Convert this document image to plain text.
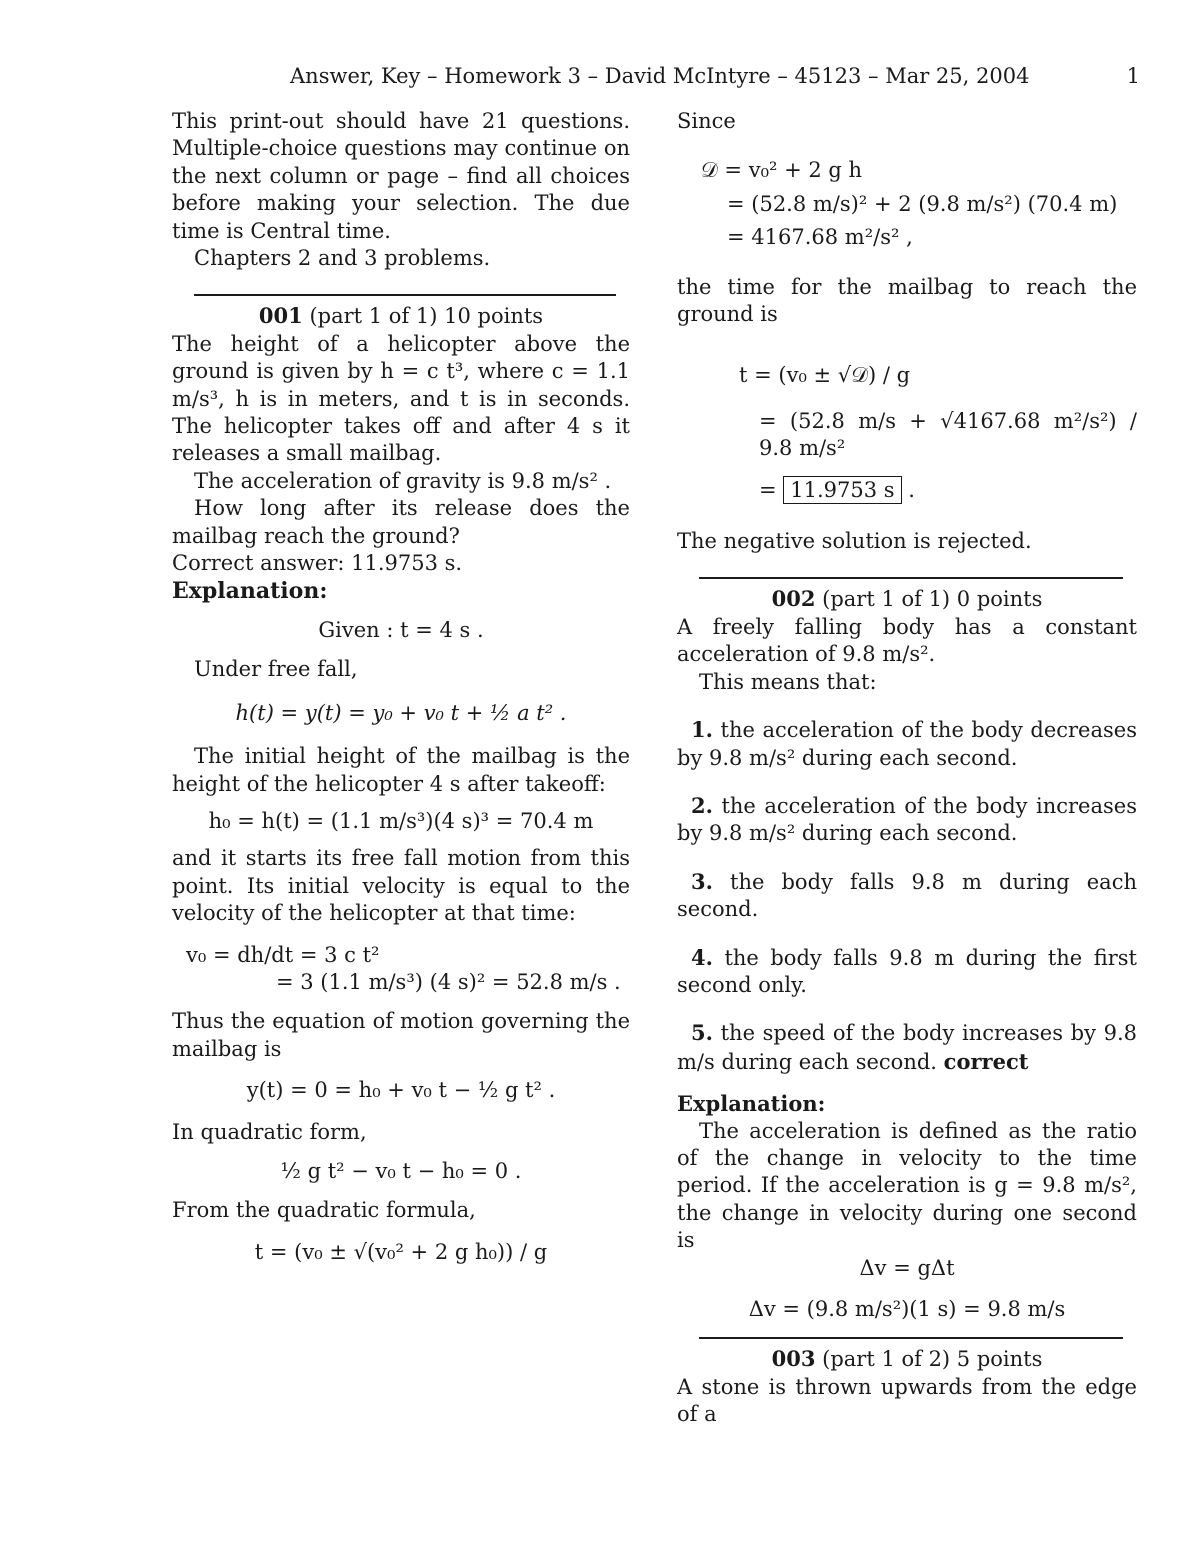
Answer, Key – Homework 3 – David McIntyre – 45123 – Mar 25, 2004	1

This print-out should have 21 questions. Multiple-choice questions may continue on the next column or page – find all choices before making your selection. The due time is Central time.

Chapters 2 and 3 problems.

001 (part 1 of 1) 10 points

The height of a helicopter above the ground is given by h = c t³, where c = 1.1 m/s³, h is in meters, and t is in seconds. The helicopter takes off and after 4 s it releases a small mailbag.

The acceleration of gravity is 9.8 m/s² .

How long after its release does the mailbag reach the ground?

Correct answer: 11.9753 s.

Explanation:

Given : t = 4 s .

Under free fall,

h(t) = y(t) = y₀ + v₀ t + ½ a t² .

The initial height of the mailbag is the height of the helicopter 4 s after takeoff:

h₀ = h(t) = (1.1 m/s³)(4 s)³ = 70.4 m

and it starts its free fall motion from this point. Its initial velocity is equal to the velocity of the helicopter at that time:

v₀ = dh/dt = 3 c t²

= 3 (1.1 m/s³) (4 s)² = 52.8 m/s .

Thus the equation of motion governing the mailbag is

y(t) = 0 = h₀ + v₀ t − ½ g t² .

In quadratic form,

½ g t² − v₀ t − h₀ = 0 .

From the quadratic formula,

t = (v₀ ± √(v₀² + 2 g h₀)) / g

Since

𝒟 = v₀² + 2 g h

= (52.8 m/s)² + 2 (9.8 m/s²) (70.4 m)

= 4167.68 m²/s² ,

the time for the mailbag to reach the ground is

t = (v₀ ± √𝒟) / g

= (52.8 m/s + √4167.68 m²/s²) / 9.8 m/s²

= 11.9753 s .

The negative solution is rejected.

002 (part 1 of 1) 0 points

A freely falling body has a constant acceleration of 9.8 m/s².

This means that:

1. the acceleration of the body decreases by 9.8 m/s² during each second.

2. the acceleration of the body increases by 9.8 m/s² during each second.

3. the body falls 9.8 m during each second.

4. the body falls 9.8 m during the first second only.

5. the speed of the body increases by 9.8 m/s during each second. correct

Explanation:

The acceleration is defined as the ratio of the change in velocity to the time period. If the acceleration is g = 9.8 m/s², the change in velocity during one second is

Δv = gΔt

Δv = (9.8 m/s²)(1 s) = 9.8 m/s

003 (part 1 of 2) 5 points

A stone is thrown upwards from the edge of a
